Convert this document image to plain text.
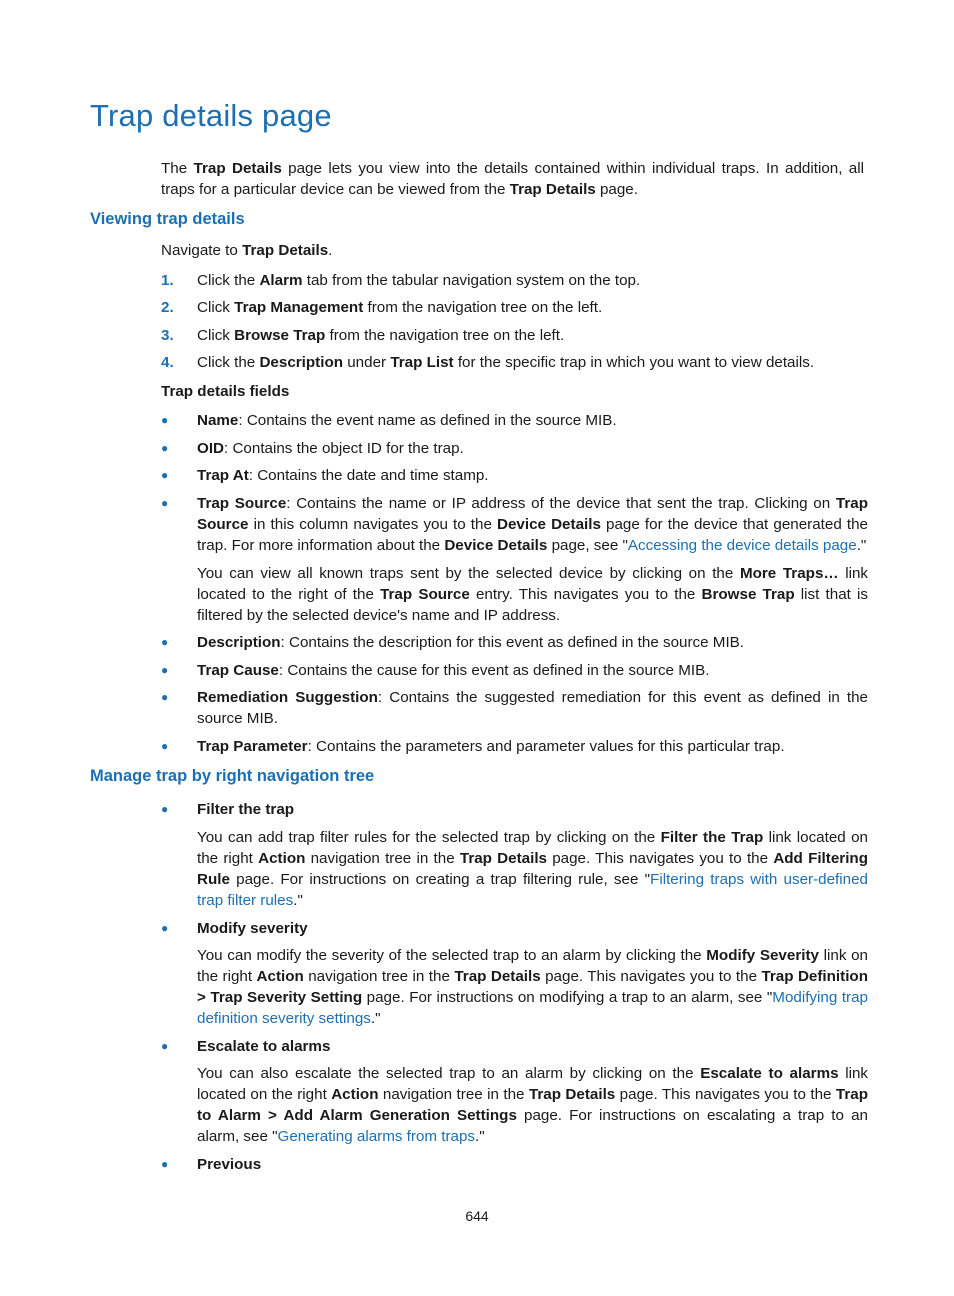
Trap details page

The Trap Details page lets you view into the details contained within individual traps. In addition, all traps for a particular device can be viewed from the Trap Details page.

Viewing trap details

Navigate to Trap Details.

1.	Click the Alarm tab from the tabular navigation system on the top.
2.	Click Trap Management from the navigation tree on the left.
3.	Click Browse Trap from the navigation tree on the left.
4.	Click the Description under Trap List for the specific trap in which you want to view details.

Trap details fields

●	Name: Contains the event name as defined in the source MIB.
●	OID: Contains the object ID for the trap.
●	Trap At: Contains the date and time stamp.
●	Trap Source: Contains the name or IP address of the device that sent the trap. Clicking on Trap Source in this column navigates you to the Device Details page for the device that generated the trap. For more information about the Device Details page, see "Accessing the device details page."

You can view all known traps sent by the selected device by clicking on the More Traps… link located to the right of the Trap Source entry. This navigates you to the Browse Trap list that is filtered by the selected device's name and IP address.

●	Description: Contains the description for this event as defined in the source MIB.
●	Trap Cause: Contains the cause for this event as defined in the source MIB.
●	Remediation Suggestion: Contains the suggested remediation for this event as defined in the source MIB.
●	Trap Parameter: Contains the parameters and parameter values for this particular trap.
Manage trap by right navigation tree
●	Filter the trap

You can add trap filter rules for the selected trap by clicking on the Filter the Trap link located on the right Action navigation tree in the Trap Details page. This navigates you to the Add Filtering Rule page. For instructions on creating a trap filtering rule, see "Filtering traps with user-defined trap filter rules."

●	Modify severity

You can modify the severity of the selected trap to an alarm by clicking the Modify Severity link on the right Action navigation tree in the Trap Details page. This navigates you to the Trap Definition > Trap Severity Setting page. For instructions on modifying a trap to an alarm, see "Modifying trap definition severity settings."

●	Escalate to alarms

You can also escalate the selected trap to an alarm by clicking on the Escalate to alarms link located on the right Action navigation tree in the Trap Details page. This navigates you to the Trap to Alarm > Add Alarm Generation Settings page. For instructions on escalating a trap to an alarm, see "Generating alarms from traps."

●	Previous
644
